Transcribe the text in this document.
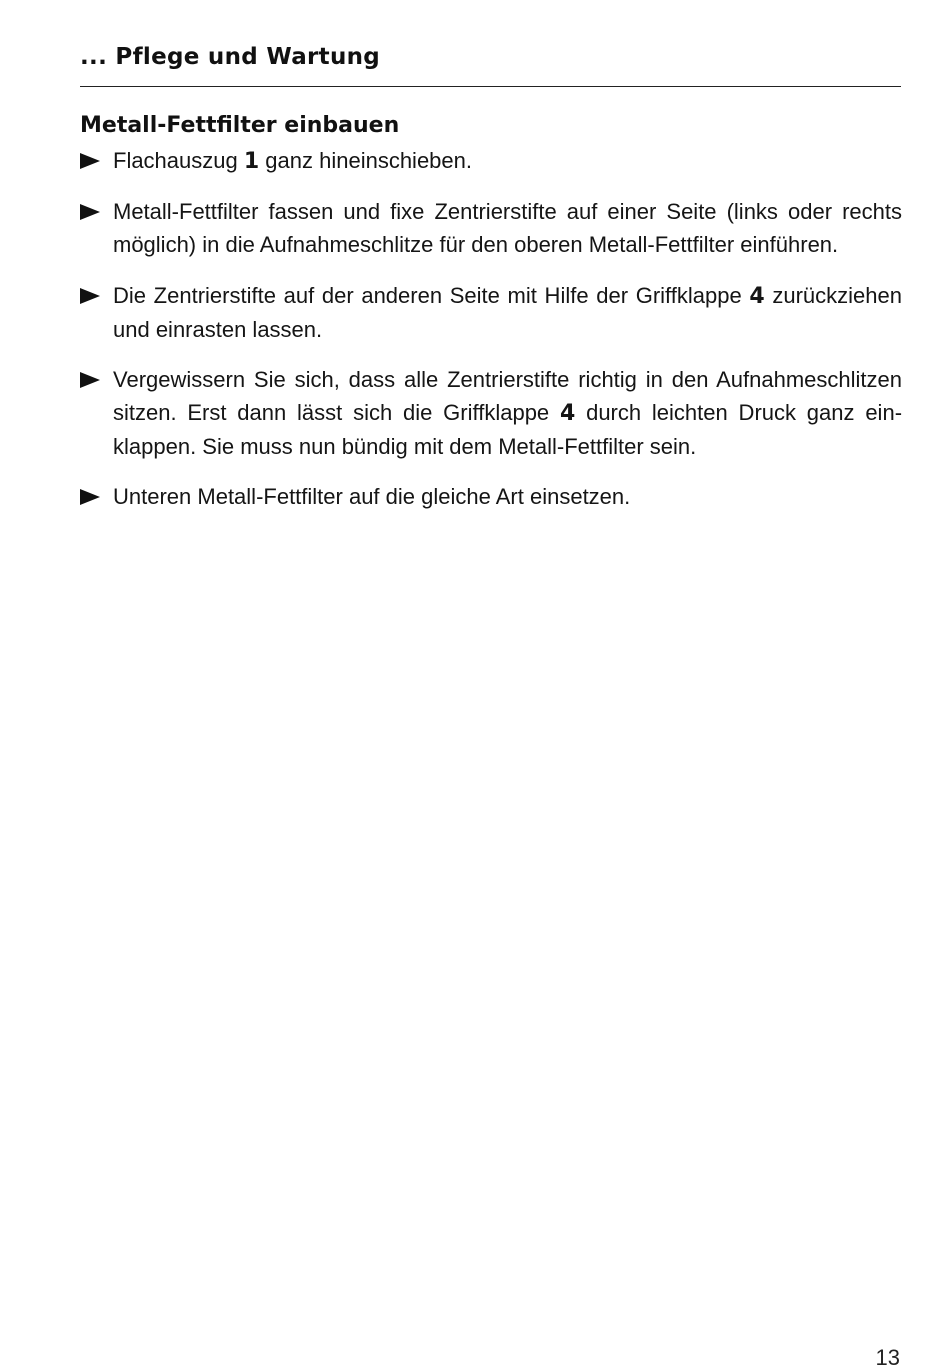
... Pflege und Wartung
Metall-Fettfilter einbauen
Flachauszug 1 ganz hineinschieben.
Metall-Fettfilter fassen und fixe Zentrierstifte auf einer Seite (links oder rechts möglich) in die Aufnahmeschlitze für den oberen Metall-Fettfilter einführen.
Die Zentrierstifte auf der anderen Seite mit Hilfe der Griffklappe 4 zurückziehen und einrasten lassen.
Vergewissern Sie sich, dass alle Zentrierstifte richtig in den Aufnahmeschlitzen sitzen. Erst dann lässt sich die Griffklappe 4 durch leichten Druck ganz einklappen. Sie muss nun bündig mit dem Metall-Fettfilter sein.
Unteren Metall-Fettfilter auf die gleiche Art einsetzen.
13
